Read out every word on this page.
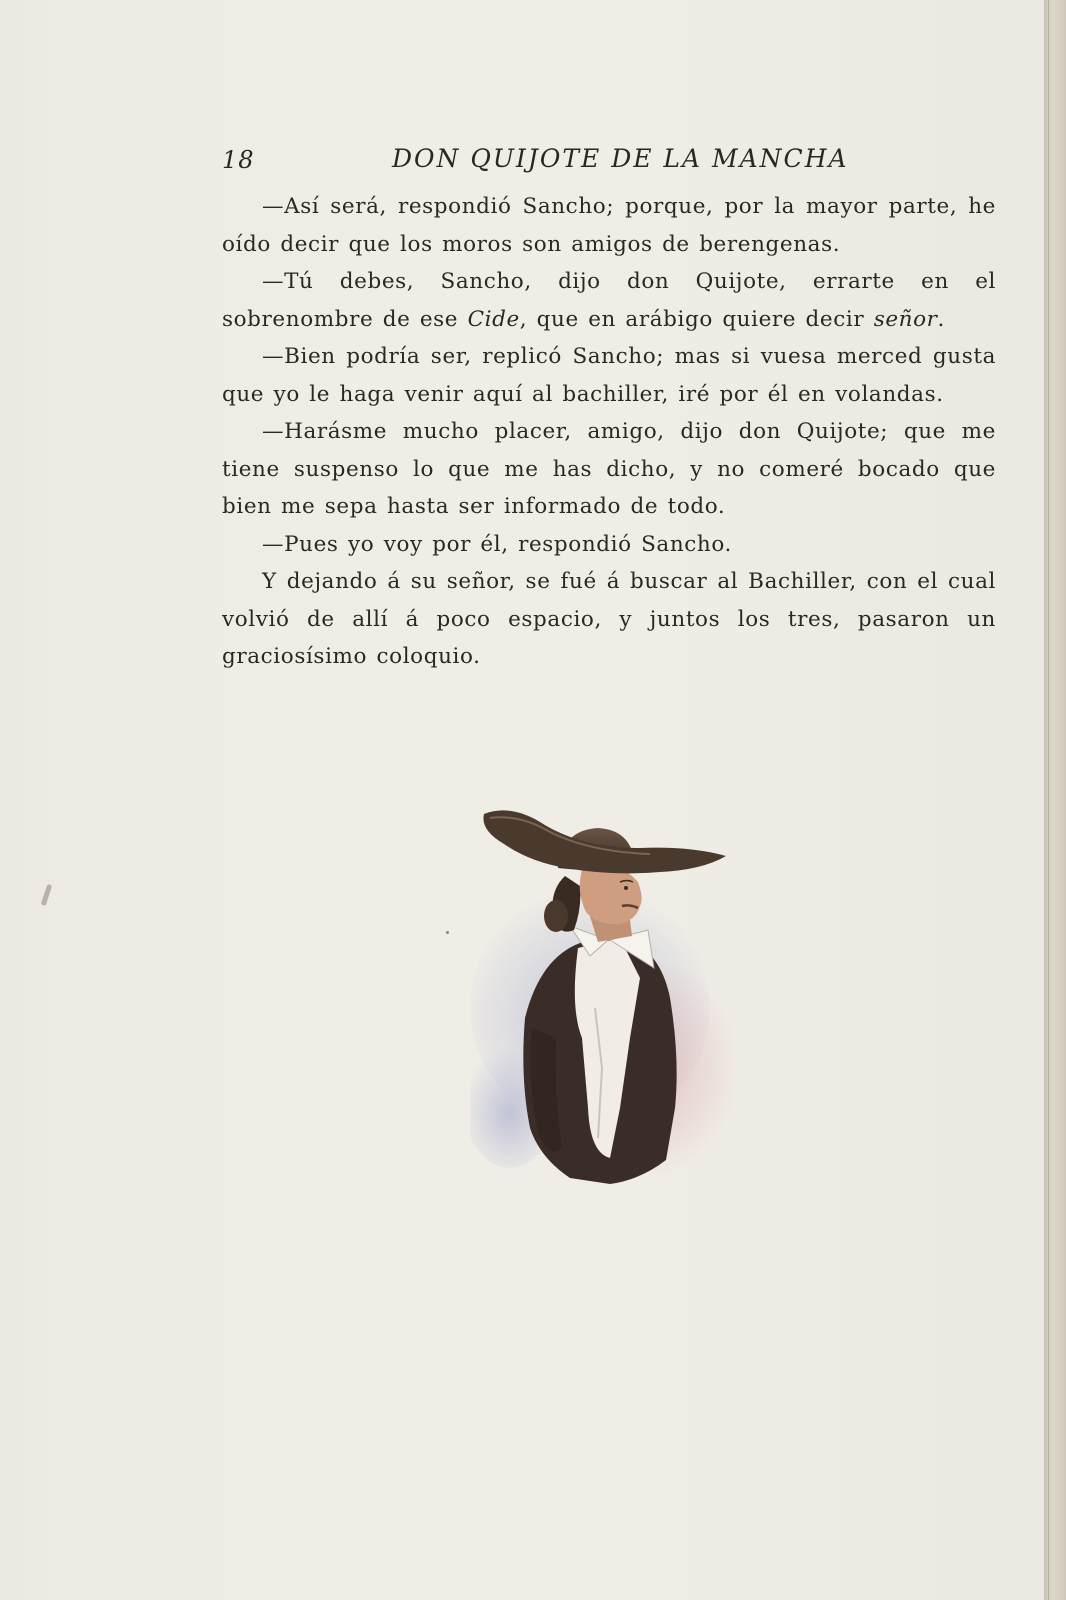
18	DON QUIJOTE DE LA MANCHA

—Así será, respondió Sancho; porque, por la mayor parte, he oído decir que los moros son amigos de berengenas.

—Tú debes, Sancho, dijo don Quijote, errarte en el sobrenombre de ese Cide, que en arábigo quiere decir señor.

—Bien podría ser, replicó Sancho; mas si vuesa merced gusta que yo le haga venir aquí al bachiller, iré por él en volandas.

—Harásme mucho placer, amigo, dijo don Quijote; que me tiene suspenso lo que me has dicho, y no comeré bocado que bien me sepa hasta ser informado de todo.

—Pues yo voy por él, respondió Sancho.

Y dejando á su señor, se fué á buscar al Bachiller, con el cual volvió de allí á poco espacio, y juntos los tres, pasaron un graciosísimo coloquio.
